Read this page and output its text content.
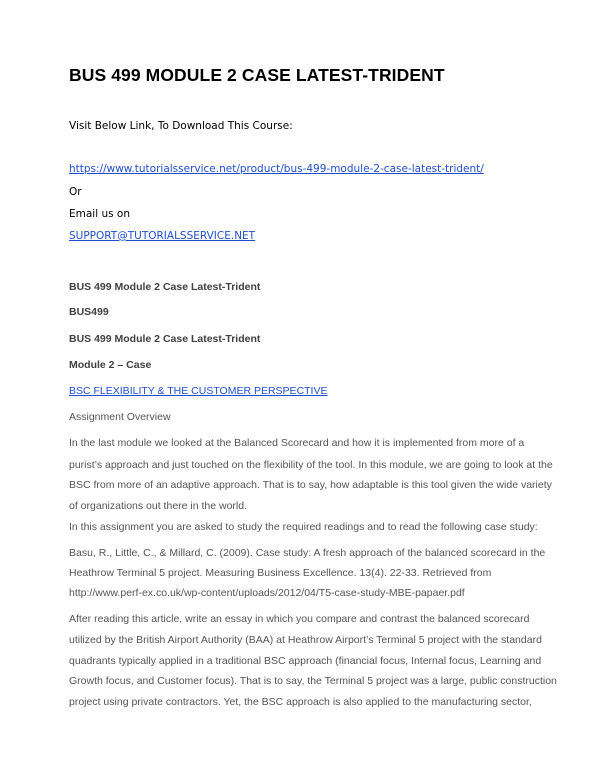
BUS 499 MODULE 2 CASE LATEST-TRIDENT
Visit Below Link, To Download This Course:
https://www.tutorialsservice.net/product/bus-499-module-2-case-latest-trident/
Or
Email us on
SUPPORT@TUTORIALSSERVICE.NET
BUS 499 Module 2 Case Latest-Trident
BUS499
BUS 499 Module 2 Case Latest-Trident
Module 2 – Case
BSC FLEXIBILITY & THE CUSTOMER PERSPECTIVE
Assignment Overview
In the last module we looked at the Balanced Scorecard and how it is implemented from more of a
purist’s approach and just touched on the flexibility of the tool. In this module, we are going to look at the
BSC from more of an adaptive approach. That is to say, how adaptable is this tool given the wide variety
of organizations out there in the world.
In this assignment you are asked to study the required readings and to read the following case study:
Basu, R., Little, C., & Millard, C. (2009). Case study: A fresh approach of the balanced scorecard in the
Heathrow Terminal 5 project. Measuring Business Excellence. 13(4). 22-33. Retrieved from
http://www.perf-ex.co.uk/wp-content/uploads/2012/04/T5-case-study-MBE-papaer.pdf
After reading this article, write an essay in which you compare and contrast the balanced scorecard
utilized by the British Airport Authority (BAA) at Heathrow Airport’s Terminal 5 project with the standard
quadrants typically applied in a traditional BSC approach (financial focus, Internal focus, Learning and
Growth focus, and Customer focus). That is to say, the Terminal 5 project was a large, public construction
project using private contractors. Yet, the BSC approach is also applied to the manufacturing sector,
